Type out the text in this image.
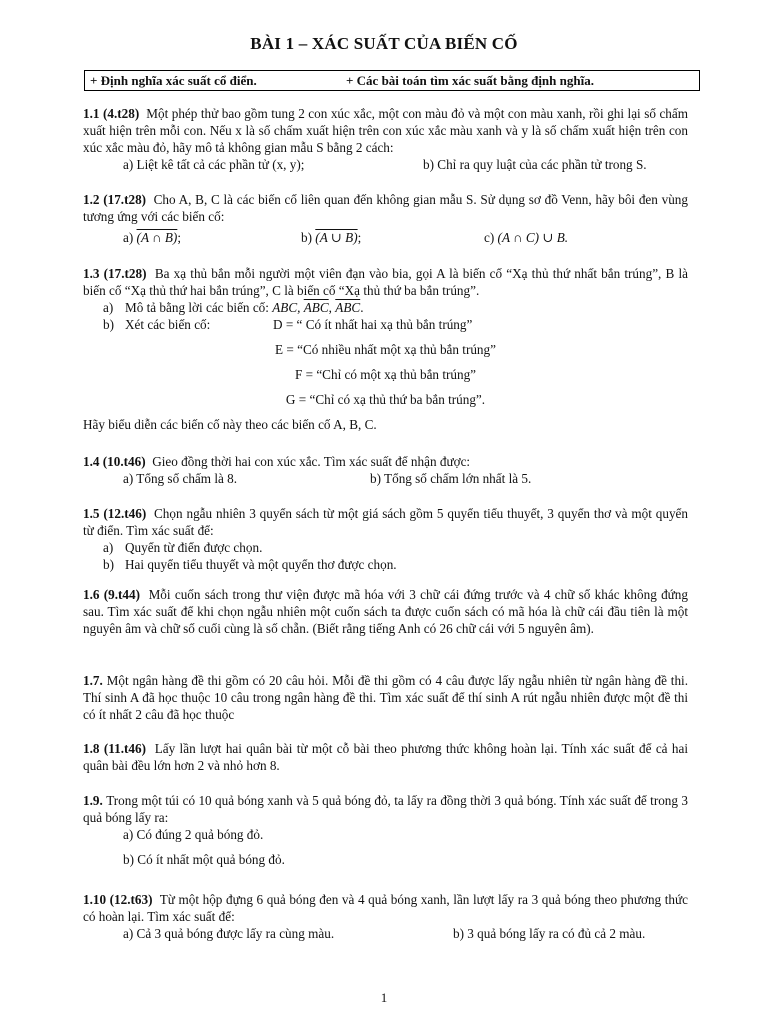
BÀI 1 – XÁC SUẤT CỦA BIẾN CỐ
+ Định nghĩa xác suất cổ điển.	+ Các bài toán tìm xác suất bằng định nghĩa.

1.1 (4.t28) Một phép thử bao gồm tung 2 con xúc xắc, một con màu đỏ và một con màu xanh, rồi ghi lại số chấm xuất hiện trên mỗi con. Nếu x là số chấm xuất hiện trên con xúc xắc màu xanh và y là số chấm xuất hiện trên con xúc xắc màu đỏ, hãy mô tả không gian mẫu S bằng 2 cách:

a) Liệt kê tất cả các phần tử (x, y);	b) Chỉ ra quy luật của các phần tử trong S.

1.2 (17.t28) Cho A, B, C là các biến cố liên quan đến không gian mẫu S. Sử dụng sơ đồ Venn, hãy bôi đen vùng tương ứng với các biến cố:

a) (A ∩ B);	b) (A ∪ B);	c) (A ∩ C) ∪ B.

1.3 (17.t28) Ba xạ thủ bắn mỗi người một viên đạn vào bia, gọi A là biến cố “Xạ thủ thứ nhất bắn trúng”, B là biến cố “Xạ thủ thứ hai bắn trúng”, C là biến cố “Xạ thủ thứ ba bắn trúng”.

a) Mô tả bằng lời các biến cố: ABC, $\overline{ABC}$, $\overline{ABC}$.
b) Xét các biến cố:	D = “ Có ít nhất hai xạ thủ bắn trúng”
E = “Có nhiều nhất một xạ thủ bắn trúng”
F = “Chỉ có một xạ thủ bắn trúng”
G = “Chỉ có xạ thủ thứ ba bắn trúng”.

Hãy biểu diễn các biến cố này theo các biến cố A, B, C.

1.4 (10.t46) Gieo đồng thời hai con xúc xắc. Tìm xác suất để nhận được:

a) Tổng số chấm là 8.	b) Tổng số chấm lớn nhất là 5.

1.5 (12.t46) Chọn ngẫu nhiên 3 quyển sách từ một giá sách gồm 5 quyển tiểu thuyết, 3 quyển thơ và một quyển từ điển. Tìm xác suất để:

a) Quyển từ điển được chọn.
b) Hai quyển tiểu thuyết và một quyển thơ được chọn.

1.6 (9.t44) Mỗi cuốn sách trong thư viện được mã hóa với 3 chữ cái đứng trước và 4 chữ số khác không đứng sau. Tìm xác suất để khi chọn ngẫu nhiên một cuốn sách ta được cuốn sách có mã hóa là chữ cái đầu tiên là một nguyên âm và chữ số cuối cùng là số chẵn. (Biết rằng tiếng Anh có 26 chữ cái với 5 nguyên âm).

1.7. Một ngân hàng đề thi gồm có 20 câu hỏi. Mỗi đề thi gồm có 4 câu được lấy ngẫu nhiên từ ngân hàng đề thi. Thí sinh A đã học thuộc 10 câu trong ngân hàng đề thi. Tìm xác suất để thí sinh A rút ngẫu nhiên được một đề thi có ít nhất 2 câu đã học thuộc

1.8 (11.t46) Lấy lần lượt hai quân bài từ một cỗ bài theo phương thức không hoàn lại. Tính xác suất để cả hai quân bài đều lớn hơn 2 và nhỏ hơn 8.

1.9. Trong một túi có 10 quả bóng xanh và 5 quả bóng đỏ, ta lấy ra đồng thời 3 quả bóng. Tính xác suất để trong 3 quả bóng lấy ra:

a) Có đúng 2 quả bóng đỏ.
b) Có ít nhất một quả bóng đỏ.

1.10 (12.t63) Từ một hộp đựng 6 quả bóng đen và 4 quả bóng xanh, lần lượt lấy ra 3 quả bóng theo phương thức có hoàn lại. Tìm xác suất để:

a) Cả 3 quả bóng được lấy ra cùng màu.	b) 3 quả bóng lấy ra có đủ cả 2 màu.
1
